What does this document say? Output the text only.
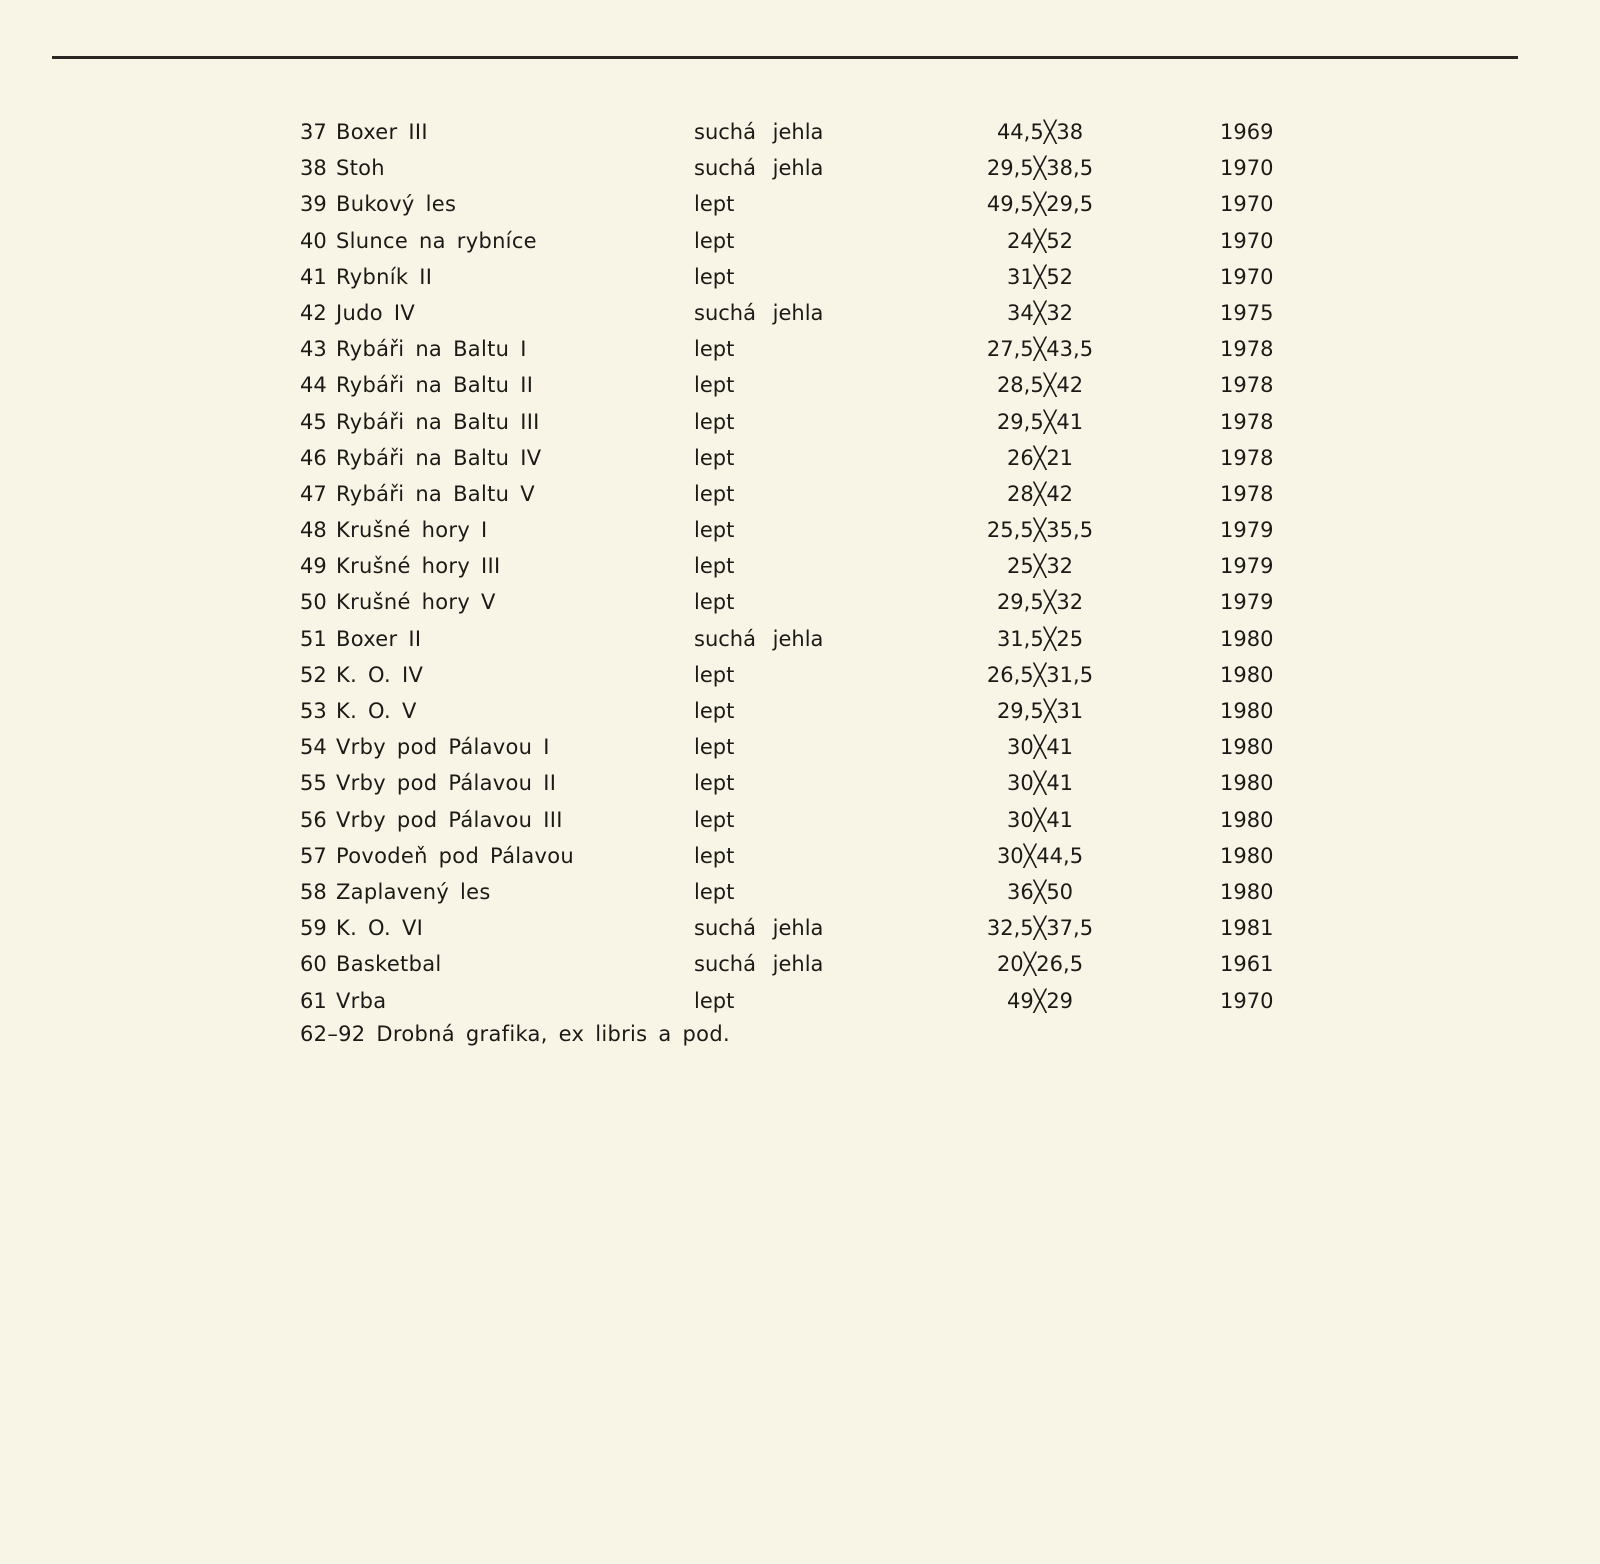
37 Boxer III	suchá jehla	44,5╳38	1969
38 Stoh	suchá jehla	29,5╳38,5	1970
39 Bukový les	lept	49,5╳29,5	1970
40 Slunce na rybníce	lept	24╳52	1970
41 Rybník II	lept	31╳52	1970
42 Judo IV	suchá jehla	34╳32	1975
43 Rybáři na Baltu I	lept	27,5╳43,5	1978
44 Rybáři na Baltu II	lept	28,5╳42	1978
45 Rybáři na Baltu III	lept	29,5╳41	1978
46 Rybáři na Baltu IV	lept	26╳21	1978
47 Rybáři na Baltu V	lept	28╳42	1978
48 Krušné hory I	lept	25,5╳35,5	1979
49 Krušné hory III	lept	25╳32	1979
50 Krušné hory V	lept	29,5╳32	1979
51 Boxer II	suchá jehla	31,5╳25	1980
52 K. O. IV	lept	26,5╳31,5	1980
53 K. O. V	lept	29,5╳31	1980
54 Vrby pod Pálavou I	lept	30╳41	1980
55 Vrby pod Pálavou II	lept	30╳41	1980
56 Vrby pod Pálavou III	lept	30╳41	1980
57 Povodeň pod Pálavou	lept	30╳44,5	1980
58 Zaplavený les	lept	36╳50	1980
59 K. O. VI	suchá jehla	32,5╳37,5	1981
60 Basketbal	suchá jehla	20╳26,5	1961
61 Vrba	lept	49╳29	1970
62–92 Drobná grafika, ex libris a pod.
